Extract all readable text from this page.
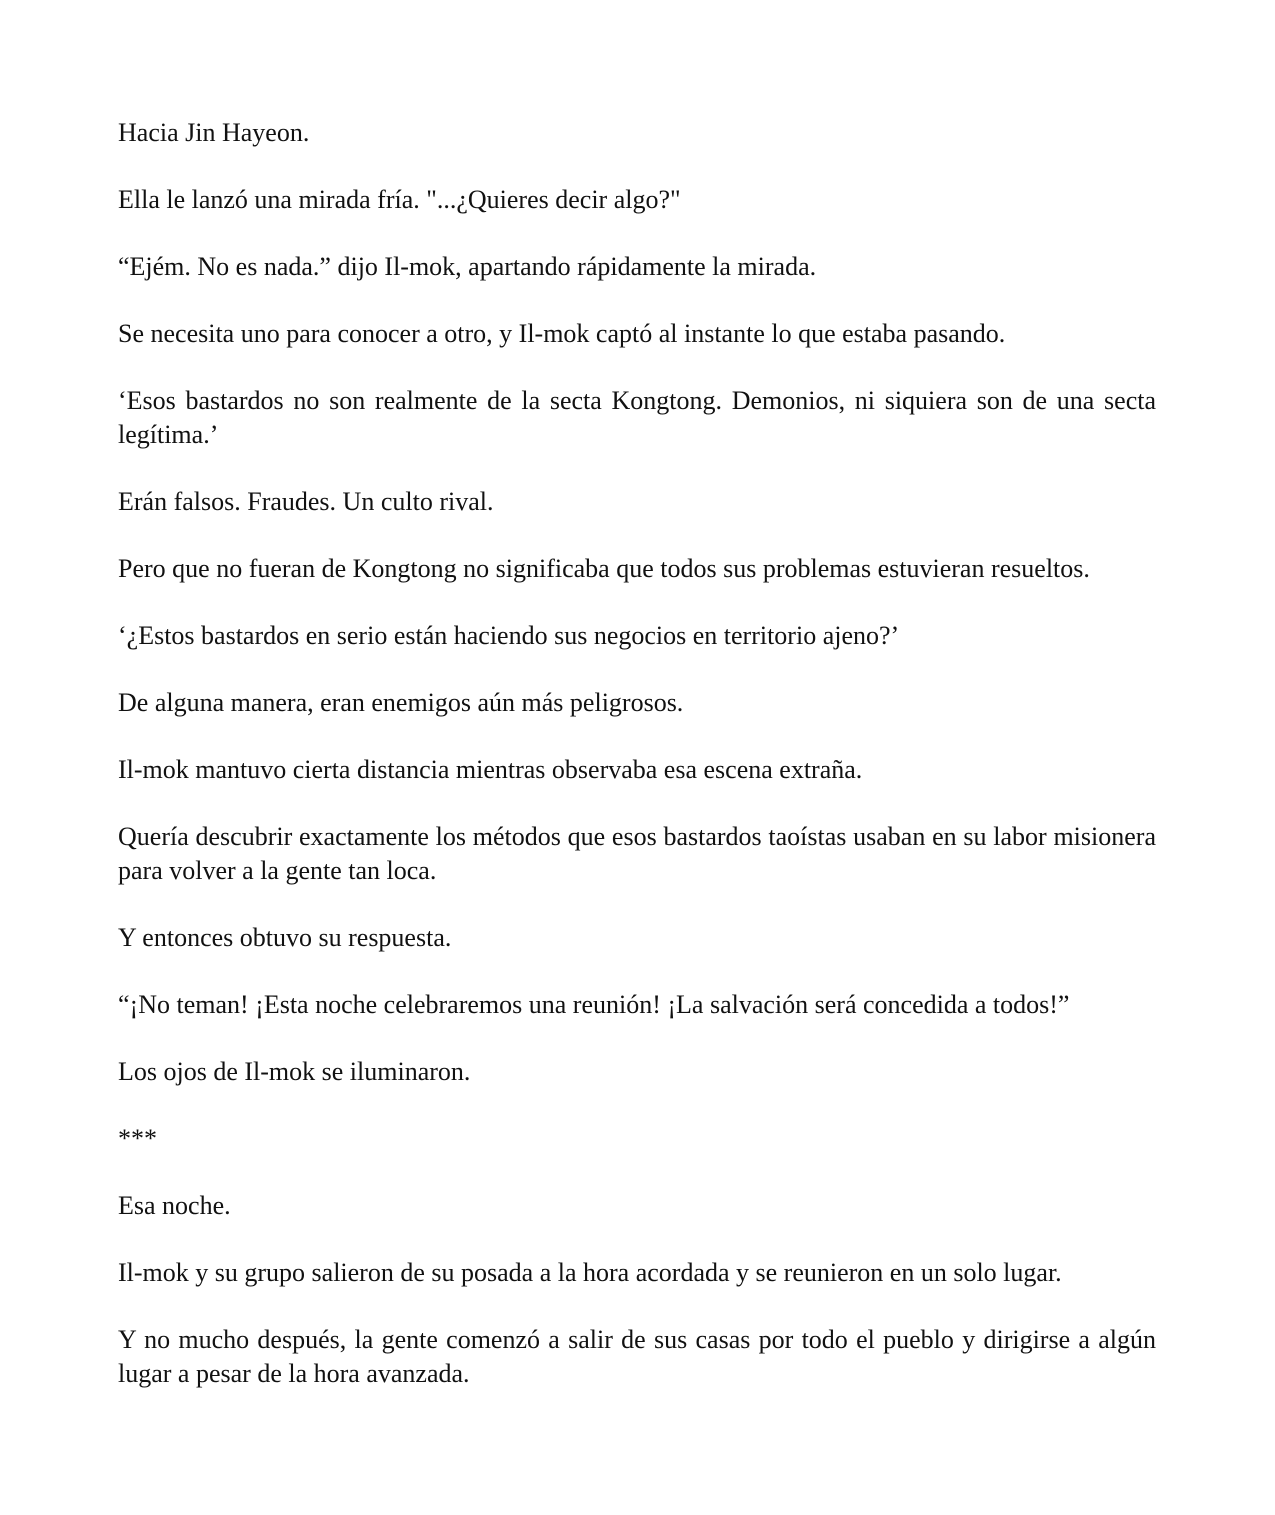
Hacia Jin Hayeon.

Ella le lanzó una mirada fría. "...¿Quieres decir algo?"

“Ejém. No es nada.” dijo Il-mok, apartando rápidamente la mirada.

Se necesita uno para conocer a otro, y Il-mok captó al instante lo que estaba pasando.

‘Esos bastardos no son realmente de la secta Kongtong. Demonios, ni siquiera son de una secta legítima.’

Erán falsos. Fraudes. Un culto rival.

Pero que no fueran de Kongtong no significaba que todos sus problemas estuvieran resueltos.

‘¿Estos bastardos en serio están haciendo sus negocios en territorio ajeno?’

De alguna manera, eran enemigos aún más peligrosos.

Il-mok mantuvo cierta distancia mientras observaba esa escena extraña.

Quería descubrir exactamente los métodos que esos bastardos taoístas usaban en su labor misionera para volver a la gente tan loca.

Y entonces obtuvo su respuesta.

“¡No teman! ¡Esta noche celebraremos una reunión! ¡La salvación será concedida a todos!”

Los ojos de Il-mok se iluminaron.

***

Esa noche.

Il-mok y su grupo salieron de su posada a la hora acordada y se reunieron en un solo lugar.

Y no mucho después, la gente comenzó a salir de sus casas por todo el pueblo y dirigirse a algún lugar a pesar de la hora avanzada.
